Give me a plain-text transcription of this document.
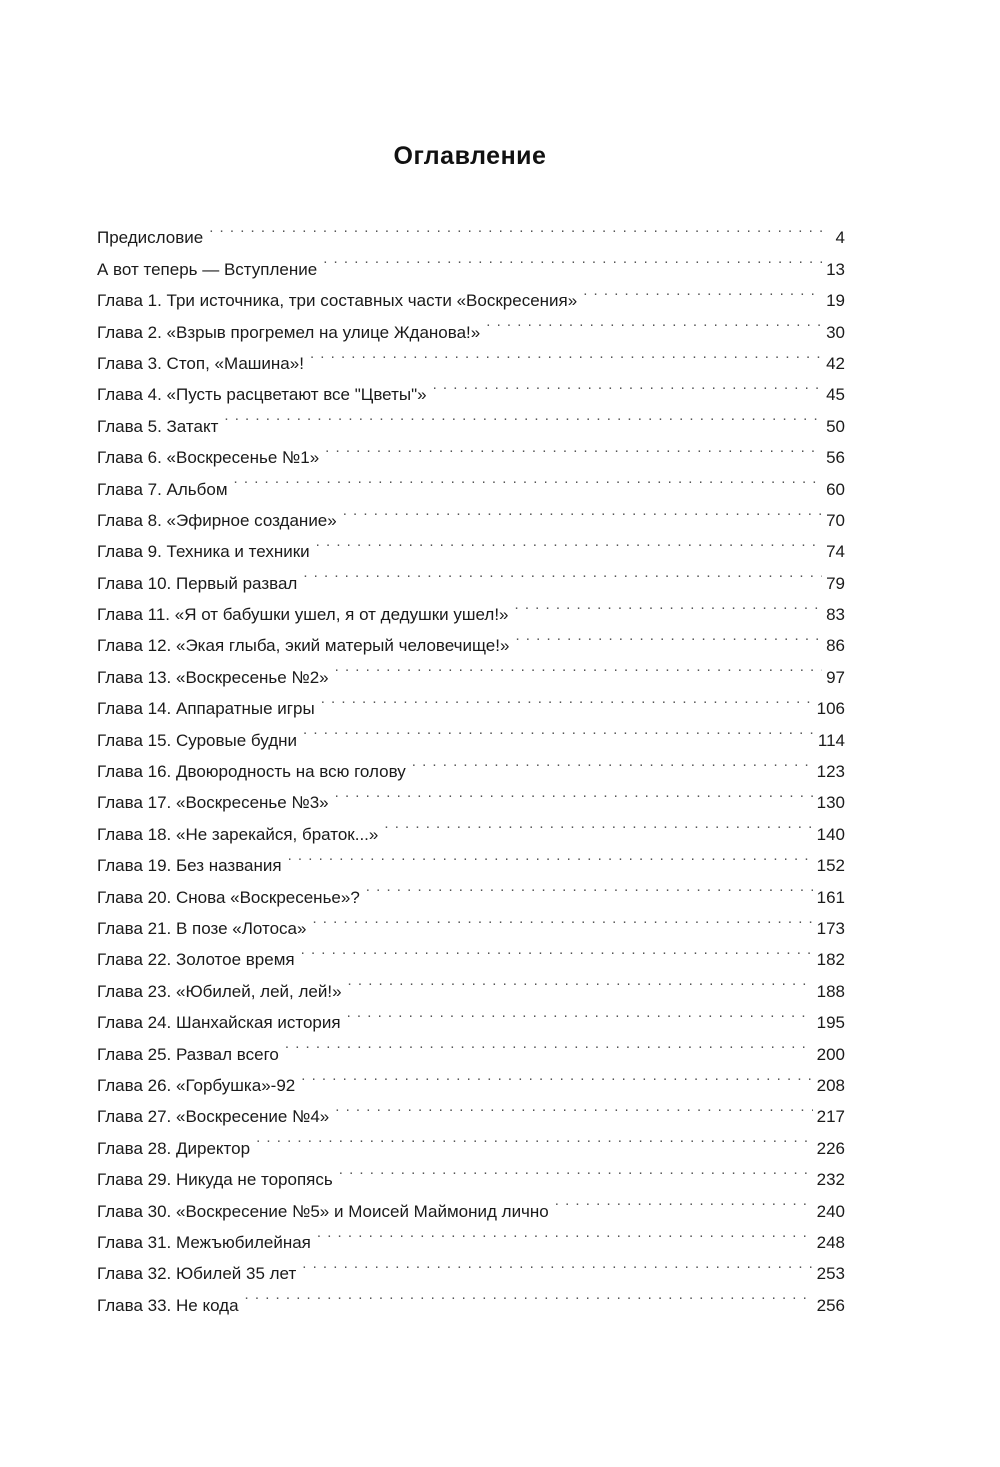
Оглавление
Предисловие . . .	4
А вот теперь — Вступление . . .	13
Глава 1. Три источника, три составных части «Воскресения» . . .	19
Глава 2. «Взрыв прогремел на улице Жданова!» . . .	30
Глава 3. Стоп, «Машина»! . . .	42
Глава 4. «Пусть расцветают все "Цветы"» . . .	45
Глава 5. Затакт . . .	50
Глава 6. «Воскресенье №1» . . .	56
Глава 7. Альбом . . .	60
Глава 8. «Эфирное создание» . . .	70
Глава 9. Техника и техники . . .	74
Глава 10. Первый развал . . .	79
Глава 11. «Я от бабушки ушел, я от дедушки ушел!» . . .	83
Глава 12. «Экая глыба, экий матерый человечище!» . . .	86
Глава 13. «Воскресенье №2» . . .	97
Глава 14. Аппаратные игры . . .	106
Глава 15. Суровые будни . . .	114
Глава 16. Двоюродность на всю голову . . .	123
Глава 17. «Воскресенье №3» . . .	130
Глава 18. «Не зарекайся, браток...» . . .	140
Глава 19. Без названия . . .	152
Глава 20. Снова «Воскресенье»? . . .	161
Глава 21. В позе «Лотоса» . . .	173
Глава 22. Золотое время . . .	182
Глава 23. «Юбилей, лей, лей!» . . .	188
Глава 24. Шанхайская история . . .	195
Глава 25. Развал всего . . .	200
Глава 26. «Горбушка»-92 . . .	208
Глава 27. «Воскресение №4» . . .	217
Глава 28. Директор . . .	226
Глава 29. Никуда не торопясь . . .	232
Глава 30. «Воскресение №5» и Моисей Маймонид лично . . .	240
Глава 31. Межъюбилейная . . .	248
Глава 32. Юбилей 35 лет . . .	253
Глава 33. Не кода . . .	256
